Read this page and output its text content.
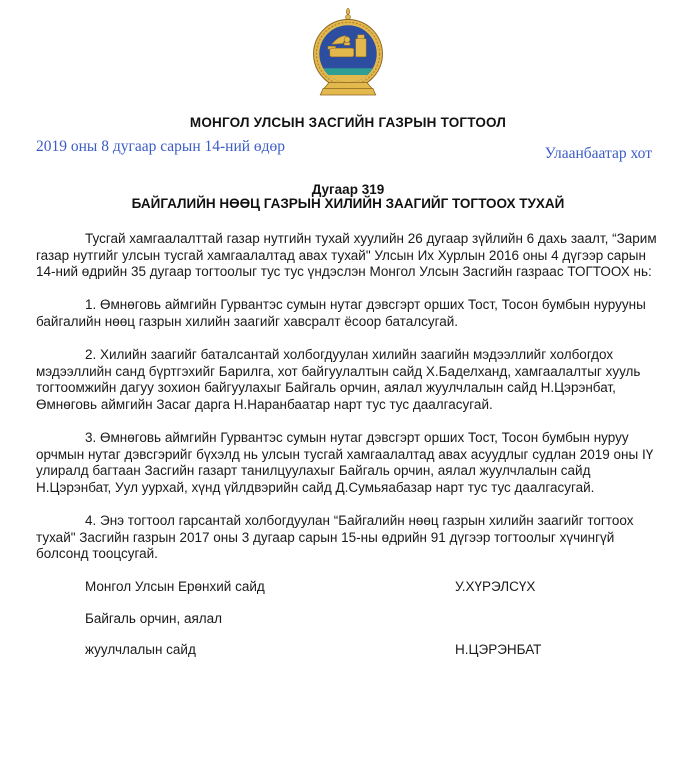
МОНГОЛ УЛСЫН ЗАСГИЙН ГАЗРЫН ТОГТООЛ
2019 оны 8 дугаар сарын 14-ний өдөр	Улаанбаатар хот
Дугаар 319
БАЙГАЛИЙН НӨӨЦ ГАЗРЫН ХИЛИЙН ЗААГИЙГ ТОГТООХ ТУХАЙ

Тусгай хамгаалалттай газар нутгийн тухай хуулийн 26 дугаар зүйлийн 6 дахь заалт, “Зарим газар нутгийг улсын тусгай хамгаалалтад авах тухай" Улсын Их Хурлын 2016 оны 4 дүгээр сарын 14-ний өдрийн 35 дугаар тогтоолыг тус тус үндэслэн Монгол Улсын Засгийн газраас ТОГТООХ нь:

1. Өмнөговь аймгийн Гурвантэс сумын нутаг дэвсгэрт орших Тост, Тосон бумбын нурууны байгалийн нөөц газрын хилийн заагийг хавсралт ёсоор баталсугай.

2. Хилийн заагийг баталсантай холбогдуулан хилийн заагийн мэдээллийг холбогдох мэдээллийн санд бүртгэхийг Барилга, хот байгуулалтын сайд Х.Баделханд, хамгаалалтыг хууль тогтоомжийн дагуу зохион байгуулахыг Байгаль орчин, аялал жуулчлалын сайд Н.Цэрэнбат, Өмнөговь аймгийн Засаг дарга Н.Наранбаатар нарт тус тус даалгасугай.

3. Өмнөговь аймгийн Гурвантэс сумын нутаг дэвсгэрт орших Тост, Тосон бумбын нуруу орчмын нутаг дэвсгэрийг бүхэлд нь улсын тусгай хамгаалалтад авах асуудлыг судлан 2019 оны IҮ улиралд багтаан Засгийн газарт танилцуулахыг Байгаль орчин, аялал жуулчлалын сайд Н.Цэрэнбат, Уул уурхай, хүнд үйлдвэрийн сайд Д.Сумьяабазар нарт тус тус даалгасугай.

4. Энэ тогтоол гарсантай холбогдуулан “Байгалийн нөөц газрын хилийн заагийг тогтоох тухай" Засгийн газрын 2017 оны 3 дугаар сарын 15-ны өдрийн 91 дүгээр тогтоолыг хүчингүй болсонд тооцсугай.

Монгол Улсын Ерөнхий сайд	У.ХҮРЭЛСҮХ
Байгаль орчин, аялал
жуулчлалын сайд	Н.ЦЭРЭНБАТ
